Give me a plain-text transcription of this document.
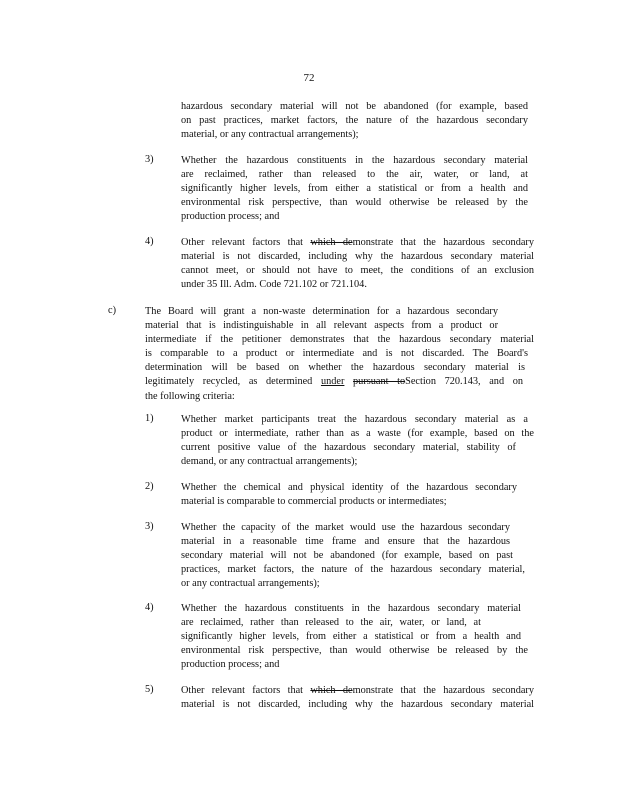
72
hazardous secondary material will not be abandoned (for example, based
on past practices, market factors, the nature of the hazardous secondary
material, or any contractual arrangements);
3)	Whether the hazardous constituents in the hazardous secondary material
are reclaimed, rather than released to the air, water, or land, at
significantly higher levels, from either a statistical or from a health and
environmental risk perspective, than would otherwise be released by the
production process; and
4)	Other relevant factors that which demonstrate that the hazardous secondary
material is not discarded, including why the hazardous secondary material
cannot meet, or should not have to meet, the conditions of an exclusion
under 35 Ill. Adm. Code 721.102 or 721.104.
c)	The Board will grant a non-waste determination for a hazardous secondary
material that is indistinguishable in all relevant aspects from a product or
intermediate if the petitioner demonstrates that the hazardous secondary material
is comparable to a product or intermediate and is not discarded. The Board's
determination will be based on whether the hazardous secondary material is
legitimately recycled, as determined under pursuant toSection 720.143, and on
the following criteria:
1)	Whether market participants treat the hazardous secondary material as a
product or intermediate, rather than as a waste (for example, based on the
current positive value of the hazardous secondary material, stability of
demand, or any contractual arrangements);
2)	Whether the chemical and physical identity of the hazardous secondary
material is comparable to commercial products or intermediates;
3)	Whether the capacity of the market would use the hazardous secondary
material in a reasonable time frame and ensure that the hazardous
secondary material will not be abandoned (for example, based on past
practices, market factors, the nature of the hazardous secondary material,
or any contractual arrangements);
4)	Whether the hazardous constituents in the hazardous secondary material
are reclaimed, rather than released to the air, water, or land, at
significantly higher levels, from either a statistical or from a health and
environmental risk perspective, than would otherwise be released by the
production process; and
5)	Other relevant factors that which demonstrate that the hazardous secondary
material is not discarded, including why the hazardous secondary material
